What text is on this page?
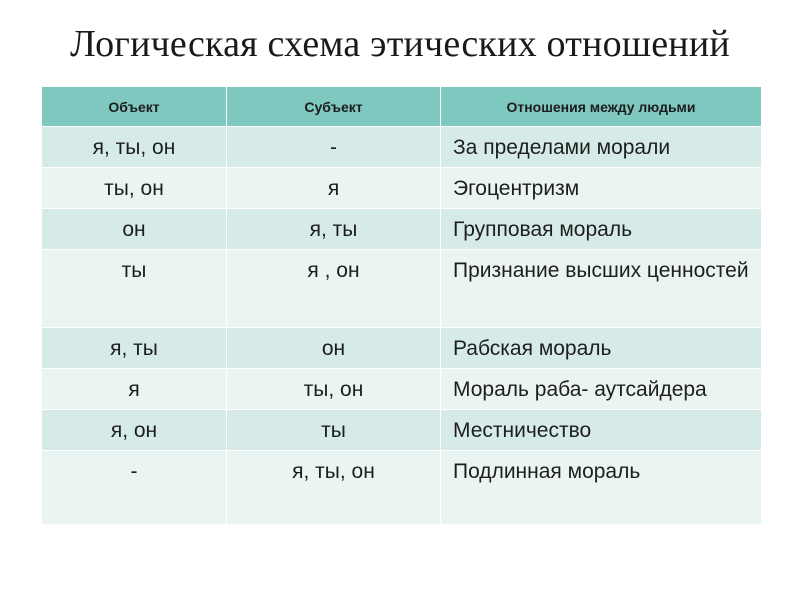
Логическая схема этических отношений
Объект	Субъект	Отношения между людьми
я, ты, он	-	За пределами морали
ты, он	я	Эгоцентризм
он	я, ты	Групповая мораль
ты	я , он	Признание высших ценностей
я, ты	он	Рабская мораль
я	ты, он	Мораль раба- аутсайдера
я, он	ты	Местничество
-	я, ты, он	Подлинная мораль
